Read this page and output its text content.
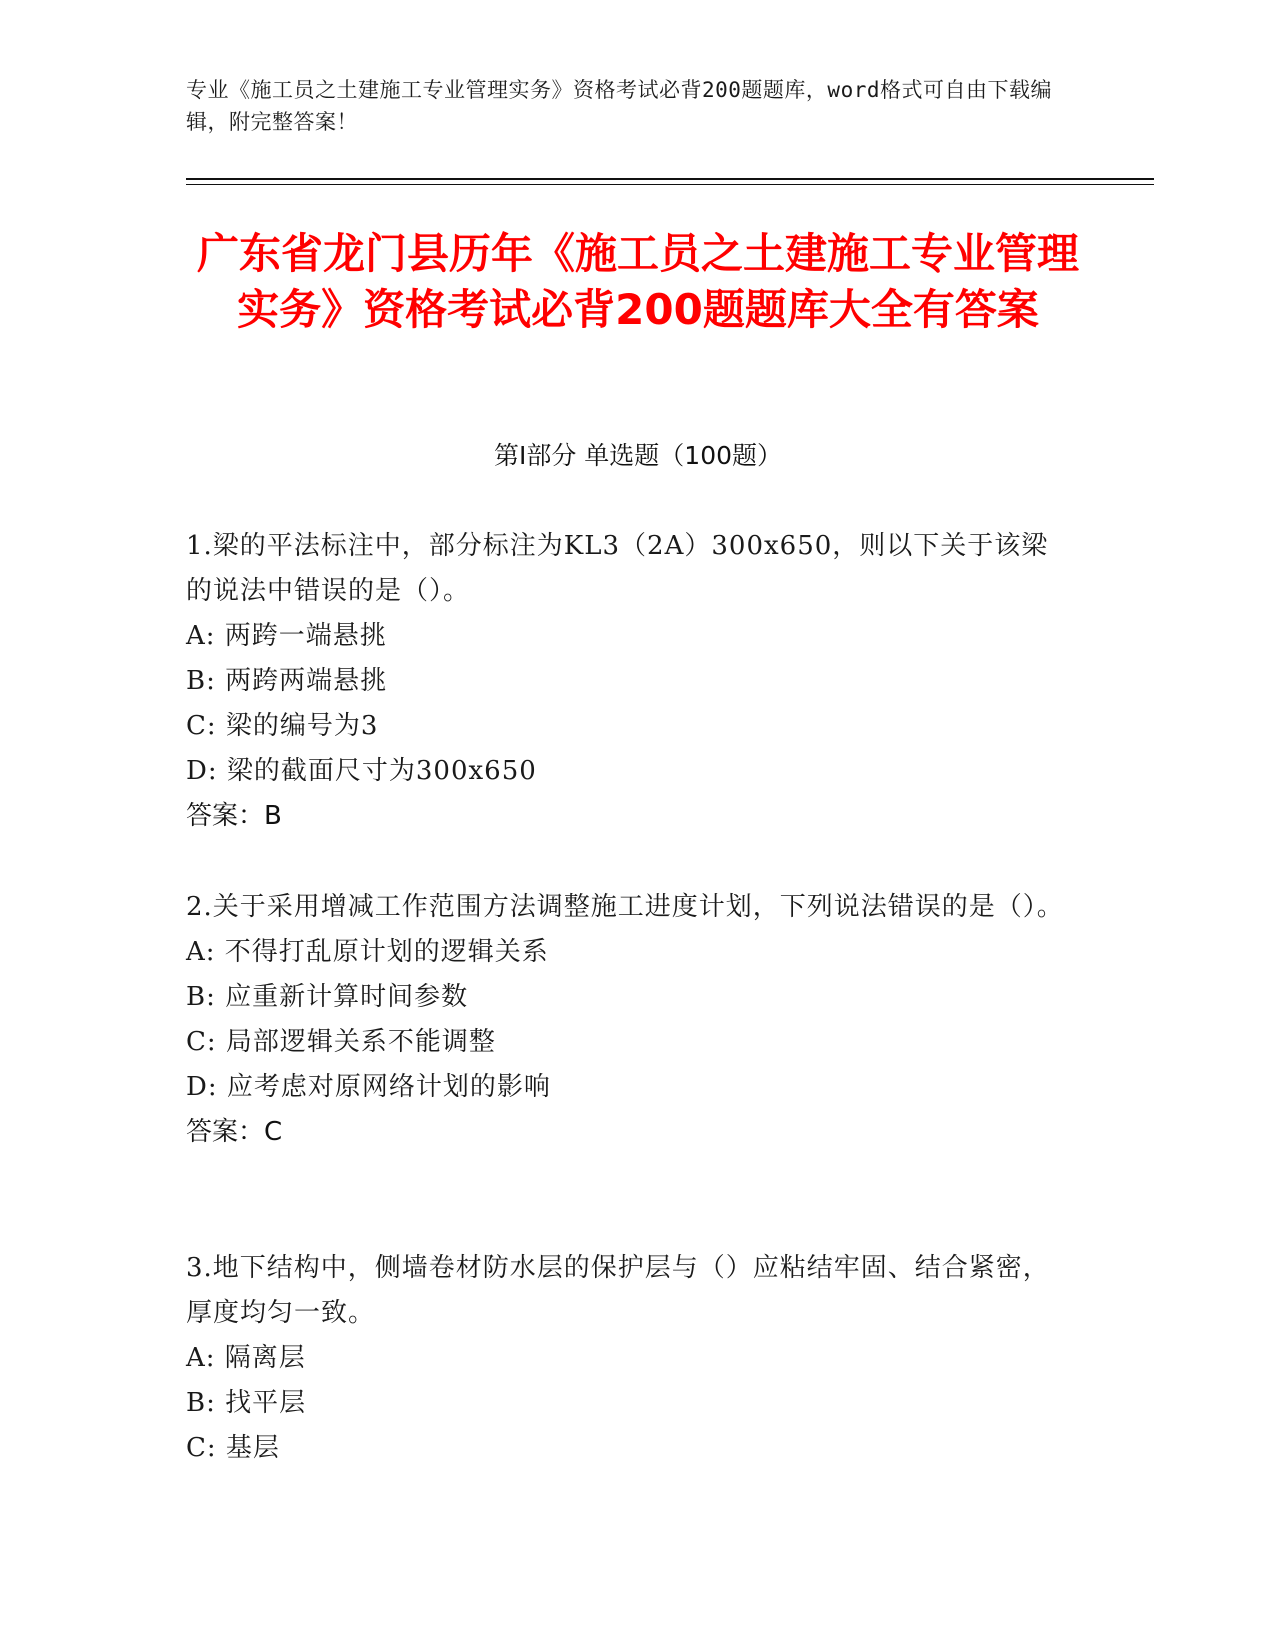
专业《施工员之土建施工专业管理实务》资格考试必背200题题库，word格式可自由下载编辑，附完整答案！
广东省龙门县历年《施工员之土建施工专业管理实务》资格考试必背200题题库大全有答案
第I部分 单选题（100题）
1.梁的平法标注中，部分标注为KL3（2A）300x650，则以下关于该梁的说法中错误的是（）。
A: 两跨一端悬挑
B: 两跨两端悬挑
C: 梁的编号为3
D: 梁的截面尺寸为300x650
答案：B
2.关于采用增减工作范围方法调整施工进度计划，下列说法错误的是（）。
A: 不得打乱原计划的逻辑关系
B: 应重新计算时间参数
C: 局部逻辑关系不能调整
D: 应考虑对原网络计划的影响
答案：C
3.地下结构中，侧墙卷材防水层的保护层与（）应粘结牢固、结合紧密，厚度均匀一致。
A: 隔离层
B: 找平层
C: 基层
